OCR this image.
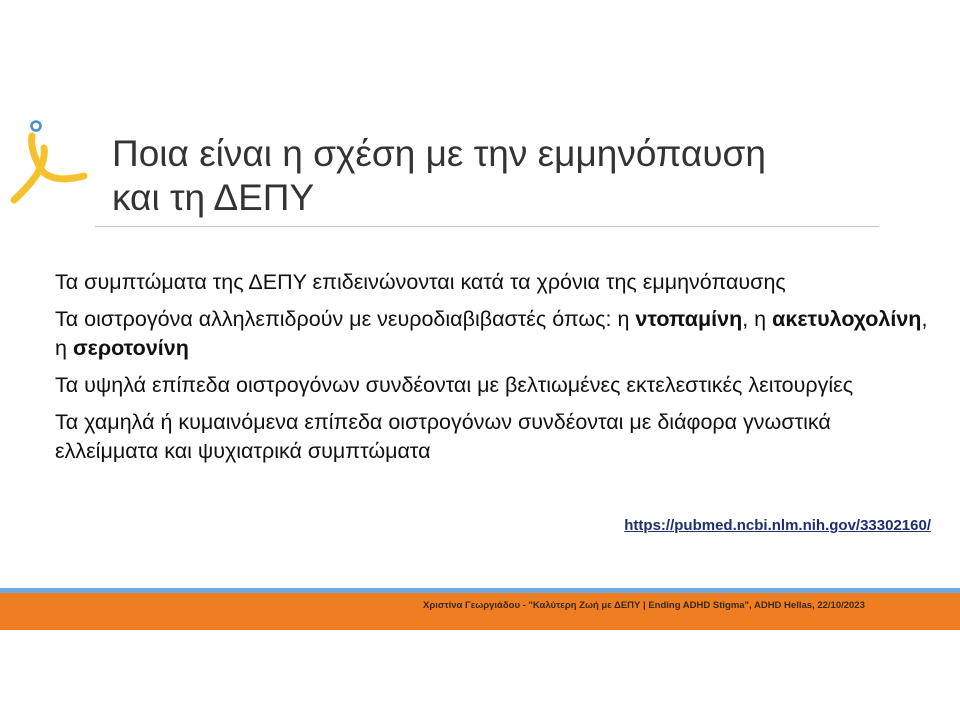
Ποια είναι η σχέση με την εμμηνόπαυση
και τη ΔΕΠΥ

Τα συμπτώματα της ΔΕΠΥ επιδεινώνονται κατά τα χρόνια της εμμηνόπαυσης

Τα οιστρογόνα αλληλεπιδρούν με νευροδιαβιβαστές όπως: η ντοπαμίνη, η ακετυλοχολίνη, η σεροτονίνη

Τα υψηλά επίπεδα οιστρογόνων συνδέονται με βελτιωμένες εκτελεστικές λειτουργίες

Τα χαμηλά ή κυμαινόμενα επίπεδα οιστρογόνων συνδέονται με διάφορα γνωστικά ελλείμματα και ψυχιατρικά συμπτώματα

https://pubmed.ncbi.nlm.nih.gov/33302160/
Χριστίνα Γεωργιάδου - "Καλύτερη Ζωή με ΔΕΠΥ | Ending ADHD Stigma", ADHD Hellas, 22/10/2023
